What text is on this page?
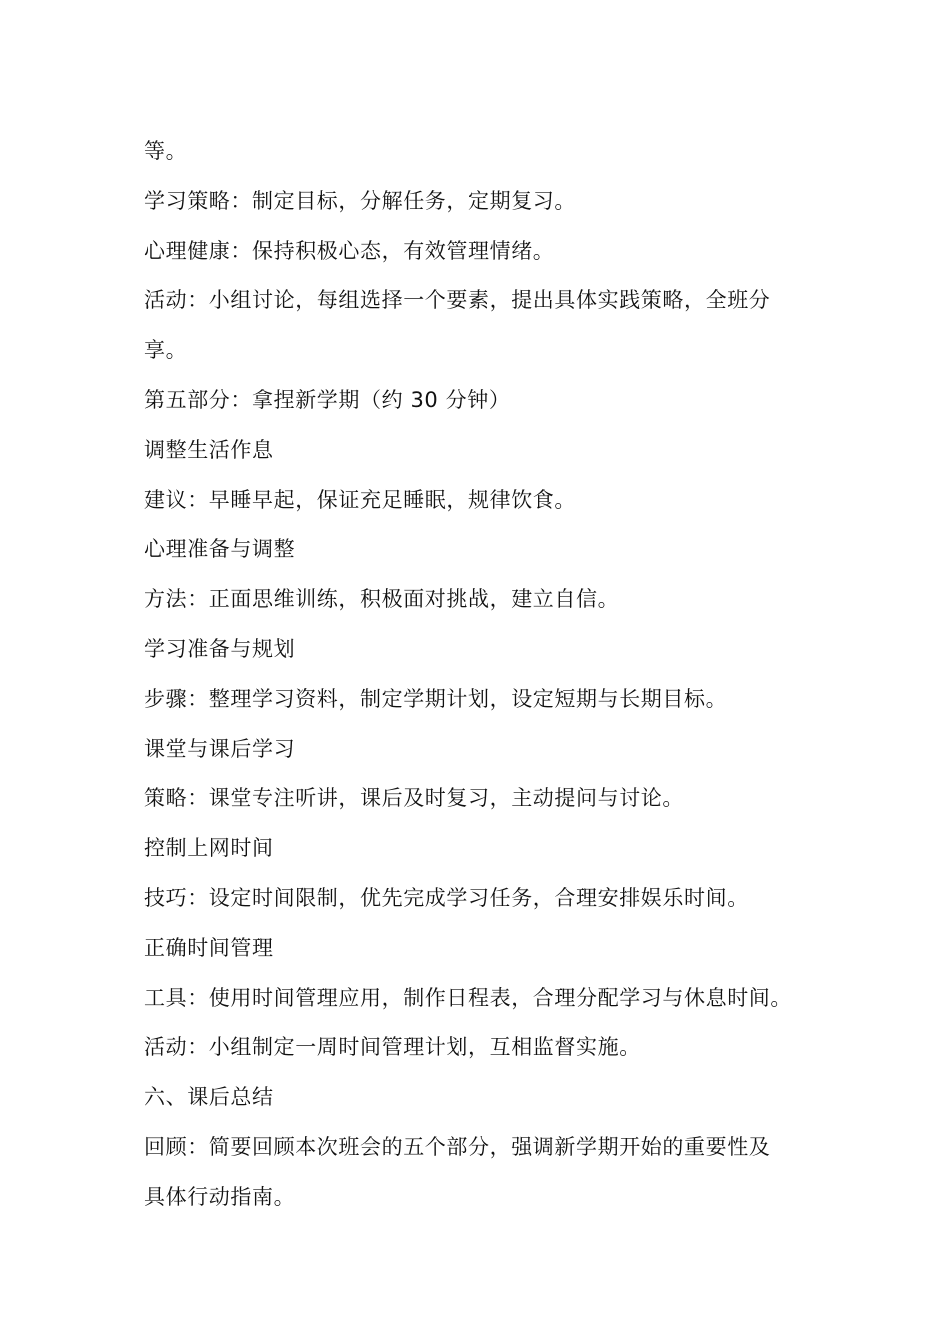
等。
学习策略：制定目标，分解任务，定期复习。
心理健康：保持积极心态，有效管理情绪。
活动：小组讨论，每组选择一个要素，提出具体实践策略，全班分
享。
第五部分：拿捏新学期（约 30 分钟）
调整生活作息
建议：早睡早起，保证充足睡眠，规律饮食。
心理准备与调整
方法：正面思维训练，积极面对挑战，建立自信。
学习准备与规划
步骤：整理学习资料，制定学期计划，设定短期与长期目标。
课堂与课后学习
策略：课堂专注听讲，课后及时复习，主动提问与讨论。
控制上网时间
技巧：设定时间限制，优先完成学习任务，合理安排娱乐时间。
正确时间管理
工具：使用时间管理应用，制作日程表，合理分配学习与休息时间。
活动：小组制定一周时间管理计划，互相监督实施。
六、课后总结
回顾：简要回顾本次班会的五个部分，强调新学期开始的重要性及
具体行动指南。
